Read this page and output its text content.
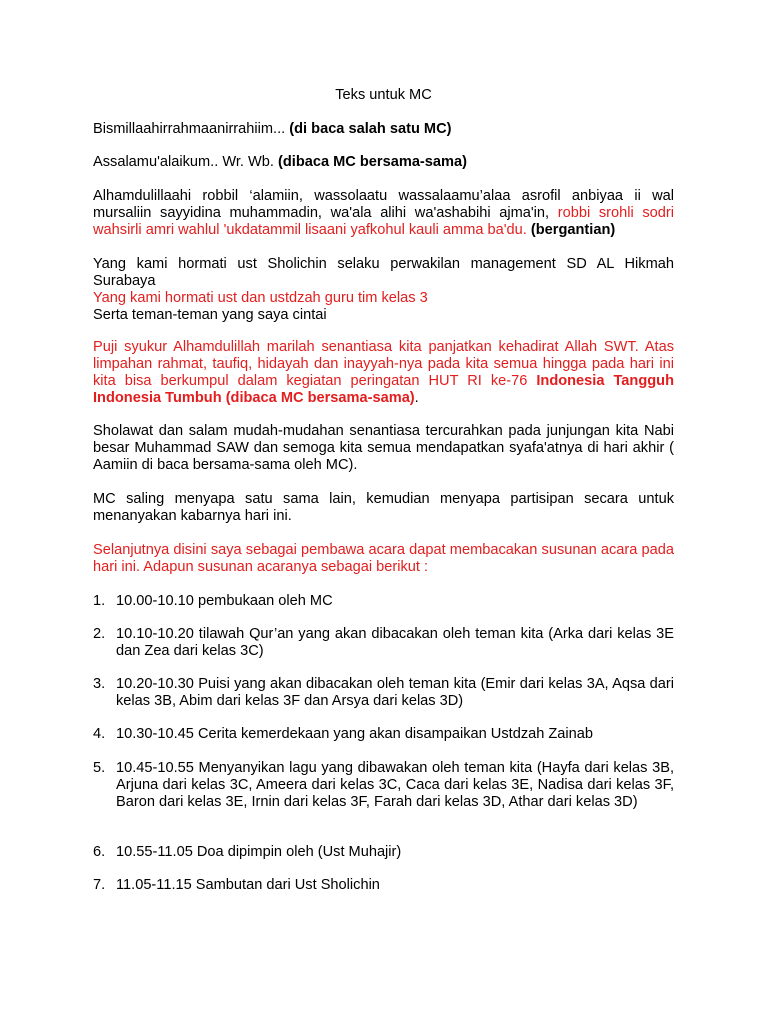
Teks untuk MC

Bismillaahirrahmaanirrahiim... (di baca salah satu MC)

Assalamu'alaikum.. Wr. Wb. (dibaca MC bersama-sama)

Alhamdulillaahi robbil ‘alamiin, wassolaatu wassalaamu’alaa asrofil anbiyaa ii wal mursaliin sayyidina muhammadin, wa'ala alihi wa'ashabihi ajma'in, robbi srohli sodri wahsirli amri wahlul 'ukdatammil lisaani yafkohul kauli amma ba'du. (bergantian)

Yang kami hormati ust Sholichin selaku perwakilan management SD AL Hikmah Surabaya
Yang kami hormati ust dan ustdzah guru tim kelas 3
Serta teman-teman yang saya cintai

Puji syukur Alhamdulillah marilah senantiasa kita panjatkan kehadirat Allah SWT. Atas limpahan rahmat, taufiq, hidayah dan inayyah-nya pada kita semua hingga pada hari ini kita bisa berkumpul dalam kegiatan peringatan HUT RI ke-76 Indonesia Tangguh Indonesia Tumbuh (dibaca MC bersama-sama).

Sholawat dan salam mudah-mudahan senantiasa tercurahkan pada junjungan kita Nabi besar Muhammad SAW dan semoga kita semua mendapatkan syafa'atnya di hari akhir ( Aamiin di baca bersama-sama oleh MC).

MC saling menyapa satu sama lain, kemudian menyapa partisipan secara untuk menanyakan kabarnya hari ini.

Selanjutnya disini saya sebagai pembawa acara dapat membacakan susunan acara pada hari ini. Adapun susunan acaranya sebagai berikut :

1. 10.00-10.10 pembukaan oleh MC
2. 10.10-10.20 tilawah Qur’an yang akan dibacakan oleh teman kita (Arka dari kelas 3E dan Zea dari kelas 3C)
3. 10.20-10.30 Puisi yang akan dibacakan oleh teman kita (Emir dari kelas 3A, Aqsa dari kelas 3B, Abim dari kelas 3F dan Arsya dari kelas 3D)
4. 10.30-10.45 Cerita kemerdekaan yang akan disampaikan Ustdzah Zainab
5. 10.45-10.55 Menyanyikan lagu yang dibawakan oleh teman kita (Hayfa dari kelas 3B, Arjuna dari kelas 3C, Ameera dari kelas 3C, Caca dari kelas 3E, Nadisa dari kelas 3F, Baron dari kelas 3E, Irnin dari kelas 3F, Farah dari kelas 3D, Athar dari kelas 3D)
6. 10.55-11.05 Doa dipimpin oleh (Ust Muhajir)
7. 11.05-11.15 Sambutan dari Ust Sholichin
